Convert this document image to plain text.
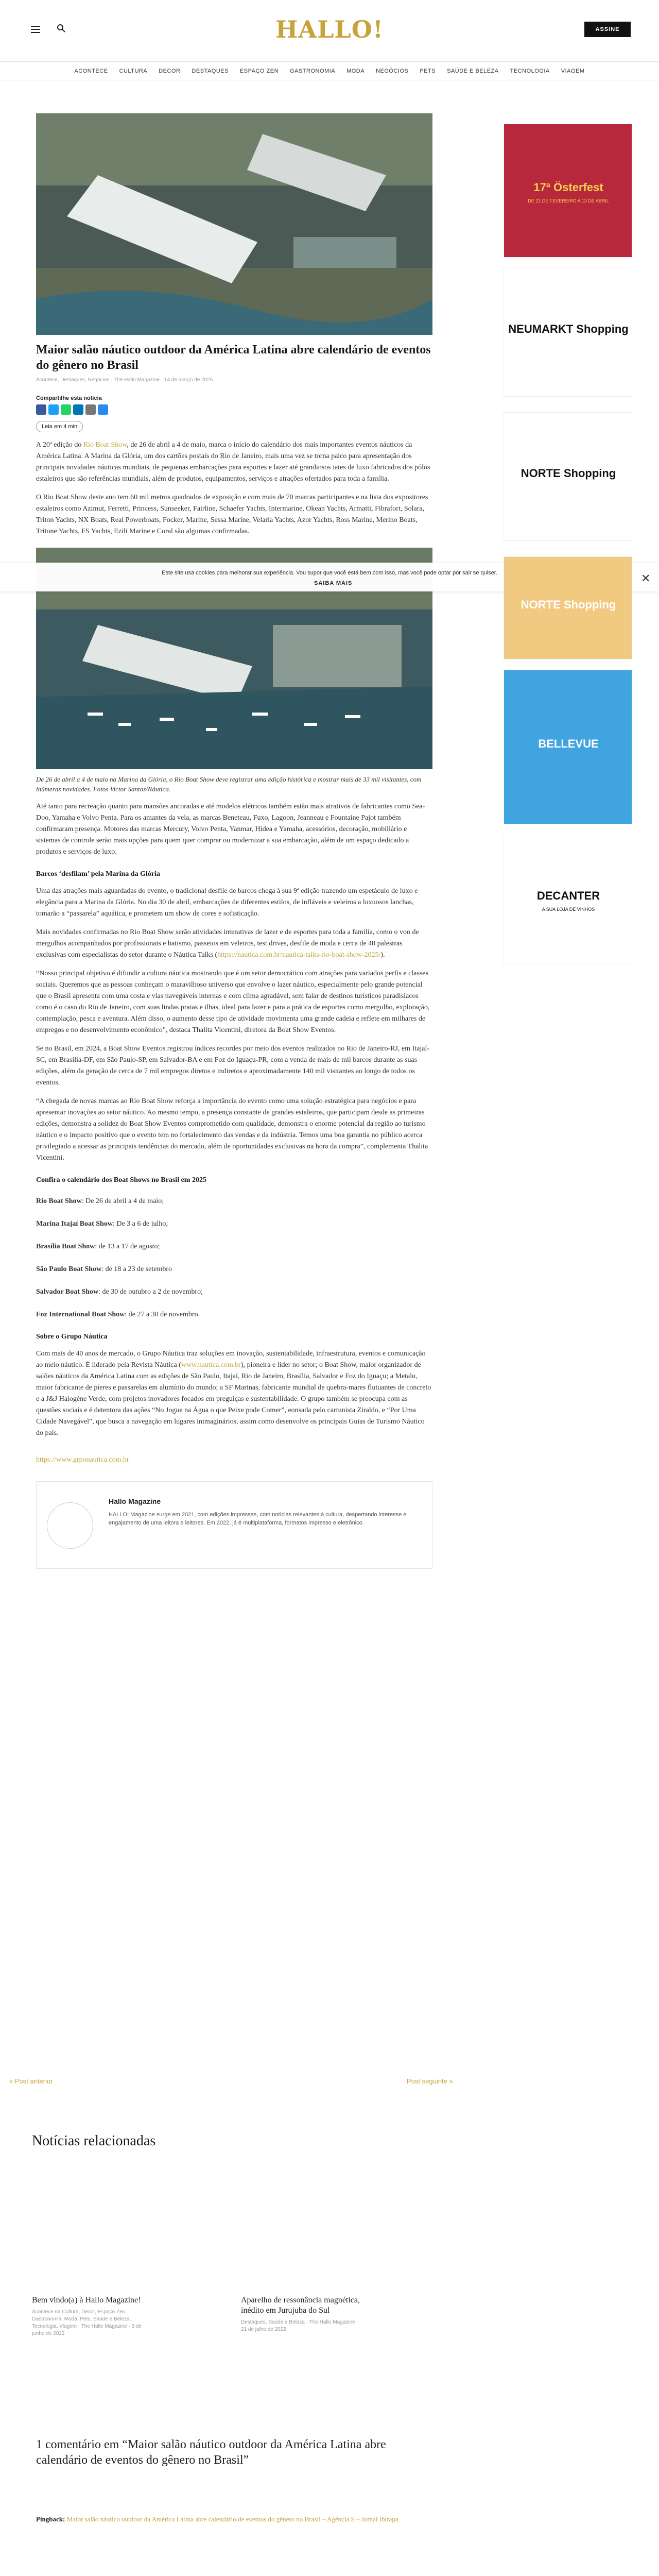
HALLO!	ASSINE
ACONTECE CULTURA DECOR DESTAQUES ESPAÇO ZEN GASTRONOMIA MODA NEGÓCIOS PETS SAÚDE E BELEZA TECNOLOGIA VIAGEM
Maior salão náutico outdoor da América Latina abre calendário de eventos do gênero no Brasil
Acontece, Destaques, Negócios · The Hallo Magazine · 14 de março de 2025
Compartilhe esta notícia
Leia em 4 min

A 20ª edição do Rio Boat Show, de 26 de abril a 4 de maio, marca o início do calendário dos mais importantes eventos náuticos da América Latina. A Marina da Glória, um dos cartões postais do Rio de Janeiro, mais uma vez se torna palco para apresentação dos principais novidades náuticas mundiais, de pequenas embarcações para esportes e lazer até grandiosos iates de luxo fabricados dos pólos estaleiros que são referências mundiais, além de produtos, equipamentos, serviços e atrações ofertados para toda a família.

O Rio Boat Show deste ano tem 60 mil metros quadrados de exposição e com mais de 70 marcas participantes e na lista dos expositores estaleiros como Azimut, Ferretti, Princess, Sunseeker, Fairline, Schaefer Yachts, Intermarine, Okean Yachts, Armatti, Fibrafort, Solara, Triton Yachts, NX Boats, Real Powerboats, Focker, Marine, Sessa Marine, Velaria Yachts, Azor Yachts, Ross Marine, Merino Boats, Tritone Yachts, FS Yachts, Ezili Marine e Coral são algumas confirmadas.

De 26 de abril a 4 de maio na Marina da Glória, o Rio Boat Show deve registrar uma edição histórica e mostrar mais de 33 mil visitantes, com inúmeras novidades. Fotos Victor Santos/Náutica.

Até tanto para recreação quanto para mansões ancoradas e até modelos elétricos também estão mais atrativos de fabricantes como Sea-Doo, Yamaha e Volvo Penta. Para os amantes da vela, as marcas Beneteau, Fuxo, Lagoon, Jeanneau e Fountaine Pajot também confirmaram presença. Motores das marcas Mercury, Volvo Penta, Yanmar, Hidea e Yamaha, acessórios, decoração, mobiliário e sistemas de controle serão mais opções para quem quer comprar ou modernizar a sua embarcação, além de um espaço dedicado a produtos e serviços de luxo.

Barcos ‘desfilam’ pela Marina da Glória

Uma das atrações mais aguardadas do evento, o tradicional desfile de barcos chega à sua 9ª edição trazendo um espetáculo de luxo e elegância para a Marina da Glória. No dia 30 de abril, embarcações de diferentes estilos, de infláveis e veleiros a luxuosos lanchas, tomarão a “passarela” aquática, e prometem um show de cores e sofisticação.

Mais novidades confirmadas no Rio Boat Show serão atividades interativas de lazer e de esportes para toda a família, como o voo de mergulhos acompanhados por profissionais e batismo, passeios em veleiros, test drives, desfile de moda e cerca de 40 palestras exclusivas com especialistas do setor durante o Náutica Talks (https://nautica.com.br/nautica-talks-rio-boat-show-2025/).

“Nosso principal objetivo é difundir a cultura náutica mostrando que é um setor democrático com atrações para variados perfis e classes sociais. Queremos que as pessoas conheçam o maravilhoso universo que envolve o lazer náutico, especialmente pelo grande potencial que o Brasil apresenta com uma costa e vias navegáveis internas e com clima agradável, sem falar de destinos turísticos paradisíacos como é o caso do Rio de Janeiro, com suas lindas praias e ilhas, ideal para lazer e para a prática de esportes como mergulho, exploração, contemplação, pesca e aventura. Além disso, o aumento desse tipo de atividade movimenta uma grande cadeia e reflete em milhares de empregos e no desenvolvimento econômico”, destaca Thalita Vicentini, diretora da Boat Show Eventos.

Se no Brasil, em 2024, a Boat Show Eventos registrou índices recordes por meio dos eventos realizados no Rio de Janeiro-RJ, em Itajaí-SC, em Brasília-DF, em São Paulo-SP, em Salvador-BA e em Foz do Iguaçu-PR, com a venda de mais de mil barcos durante as suas edições, além da geração de cerca de 7 mil empregos diretos e indiretos e aproximadamente 140 mil visitantes ao longo de todos os eventos.

“A chegada de novas marcas ao Rio Boat Show reforça a importância do evento como uma solução estratégica para negócios e para apresentar inovações ao setor náutico. Ao mesmo tempo, a presença constante de grandes estaleiros, que participam desde as primeiras edições, demonstra a solidez do Boat Show Eventos comprometido com qualidade, demonstra o enorme potencial da região ao turismo náutico e o impacto positivo que o evento tem no fortalecimento das vendas e da indústria. Temos uma boa garantia no público acerca privilegiado a acessar as principais tendências do mercado, além de oportunidades exclusivas na hora da compra”, complementa Thalita Vicentini.

Confira o calendário dos Boat Shows no Brasil em 2025

Rio Boat Show: De 26 de abril a 4 de maio;

Marina Itajaí Boat Show: De 3 a 6 de julho;

Brasília Boat Show: de 13 a 17 de agosto;

São Paulo Boat Show: de 18 a 23 de setembro

Salvador Boat Show: de 30 de outubro a 2 de novembro;

Foz International Boat Show: de 27 a 30 de novembro.

Sobre o Grupo Náutica

Com mais de 40 anos de mercado, o Grupo Náutica traz soluções em inovação, sustentabilidade, infraestrutura, eventos e comunicação ao meio náutico. É liderado pela Revista Náutica (www.nautica.com.br), pioneira e líder no setor; o Boat Show, maior organizador de salões náuticos da América Latina com as edições de São Paulo, Itajaí, Rio de Janeiro, Brasília, Salvador e Foz do Iguaçu; a Metalu, maior fabricante de píeres e passarelas em alumínio do mundo; a SF Marinas, fabricante mundial de quebra-mares flutuantes de concreto e a J&J Halogène Verde, com projetos inovadores focados em preguiças e sustentabilidade. O grupo também se preocupa com as questões sociais e é detentora das ações “No Jogue na Água o que Peixe pode Comer”, eonsada pelo cartunista Ziraldo, e “Por Uma Cidade Navegável”, que busca a navegação em lugares inimaginários, assim como desenvolve os principais Guias de Turismo Náutico do país.

https://www.grponautica.com.br

Hallo Magazine
HALLO! Magazine surge em 2021, com edições impressas, com notícias relevantes à cultura, despertando interesse e engajamento de uma leitora e leitores. Em 2022, já é multiplataforma, formatos impresso e eletrônico.
Este site usa cookies para melhorar sua experiência. Vou supor que você está bem com isso, mas você pode optar por sair se quiser.
SAIBA MAIS	✕
17ª Österfest
DE 21 DE FEVEREIRO A 13 DE ABRIL
NEUMARKT Shopping
NORTE Shopping
NORTE Shopping
BELLEVUE
DECANTER
A SUA LOJA DE VINHOS
« Post anterior	Post seguinte »
Notícias relacionadas
Bem vindo(a) à Hallo Magazine!
Acontece na Cultura, Decor, Espaço Zen, Gastronomia, Moda, Pets, Saúde e Beleza, Tecnologia, Viagem · The Hallo Magazine · 3 de junho de 2022
Aparelho de ressonância magnética, inédito em Jurujuba do Sul
Destaques, Saúde e Beleza · The Hallo Magazine · 21 de julho de 2022
1 comentário em “Maior salão náutico outdoor da América Latina abre calendário de eventos do gênero no Brasil”
Pingback: Maior salão náutico outdoor da América Latina abre calendário de eventos do gênero no Brasil – Agência S – Jornal Ibirapa
